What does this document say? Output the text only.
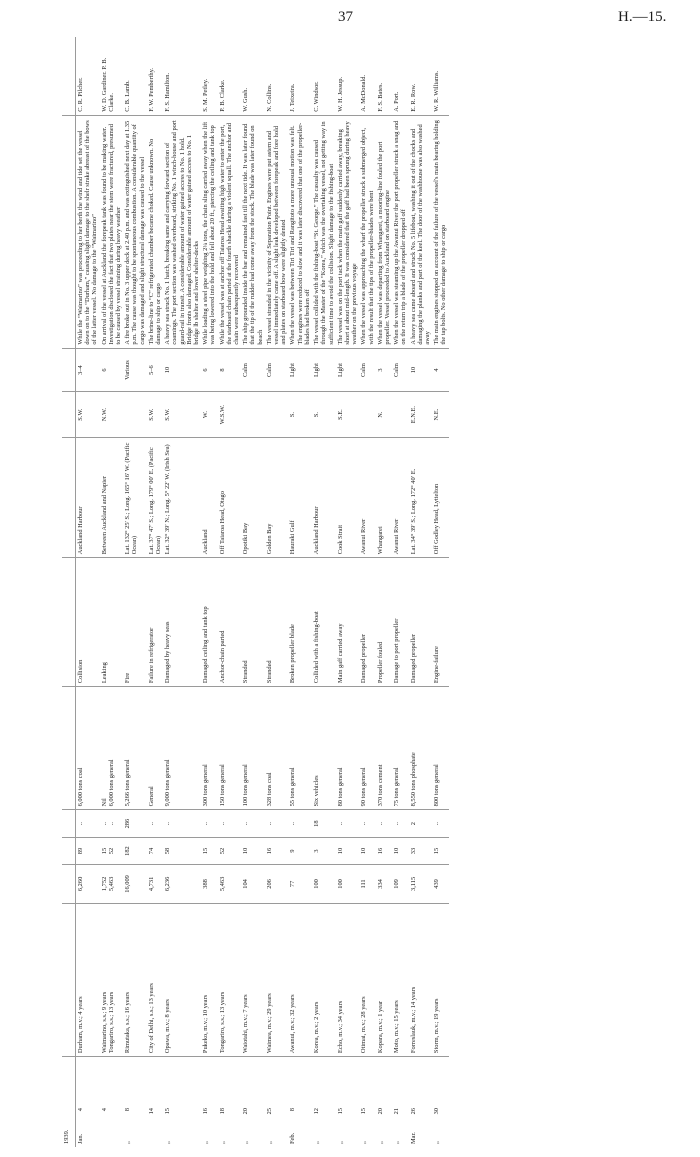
37	H.—15.
1939.											
Jan.4	Durham, m.v.; 4 years	6,260	89	..	6,000 tons coal	Collision	Auckland Harbour	S.W.	3–4	While the “Waimarino” was proceeding to her berth the wind and tide set the vessel down on to the “Durham,” causing slight damage to the shelr strake abreast of the bows of the latter vessel. No damage to the “Waimarino”	C. R. Pilcher.
4	Waimarino, s.s.; 9 years Tongariro, s.s.; 13 years	1,752 5,463	15 52	.. ..	Nil 6,000 tons general	Leaking	Between Auckland and Napier	N.W.	6	On arrival of the vessel at Auckland the forepeak tank was found to be making water. Investigation disclosed the fact that two plates near the stem were fractured, presumed to be caused by vessel straining during heavy weather	W. D. Gardiner. P. B. Clarke.
„8	Rimutaka, s.s.; 16 years	16,009	182	286	5,266 tons general	Fire	Lat. 132° 25′ S.; Long. 165° 16′ W. (Pacific Ocean)		Various	A fire broke out in No. 3 upper deck at 2.40 p.m. and was extinguished next day at 1.35 p.m. The cause was thought to be spontaneous combustion. A considerable quantity of cargo was damaged and slight structural damage was caused to the vessel	C. B. Lamb.
14	City of Delhi, s.s.; 13 years	4,731	74	..	General	Failure in refrigerator	Lat. 37° 47′ S.; Long. 179° 00′ E. (Pacific Ocean)	S.W.	5–6	The brine-line to “C” refrigerated chamber became choked. Cause unknown. No damage to ship or cargo	F. W. Pemberthy.
„15	Opawa, m.v.; 8 years	6,236	58	..	9,000 tons general	Damaged by heavy seas	Lat. 32° 39′ N.; Long. 5° 22′ W. (Irish Sea)	S.W.	10	A heavy sea struck No. 1 hatch, breaking same and carrying forward section of coamings. The port section was washed overboard, striking No. 1 winch-house and port guard-rail in transit. A considerable amount of water gained access to No. 1 hold. Bridge fronts also damaged. Considerable amount of water gained access to No. 1 bridge lb shelter and lower shelter-decks	F. S. Hamilton.
„16	Pukeko, m.v.; 10 years	388	15	..	300 tons general	Damaged ceiling and tank top	Auckland	W.	6	While loading a steel pipe weighing 2¼ tons, the chain sling carried away when the lift was being lowered into the hold and fell about 20 ft., piercing the ceiling and tank top	S. M. Petley.
„18	Tongariro, s.s.; 13 years	5,463	52	..	150 tons general	Anchor-chain parted	Off Taiaroa Head, Otago	W.S.W.	8	While the vessel was at anchor off Taiaroa Head awaiting high water to enter the port, the starboard chain parted at the fourth shackle during a violent squall. The anchor and chain were subsequently recovered	P. B. Clarke.
„20	Waiotahi, m.v.; 7 years	104	10	..	100 tons general	Stranded	Opotiki Bay		Calm	The ship grounded inside the bar and remained fast till the next tide. It was later found that the tip of the rudder had come away from the stock. The blade was later found on beach	W. Gush.
„25	Waimea, m.v.; 29 years	206	16	..	328 tons coal	Stranded	Golden Bay		Calm	The vessel stranded in the vicinity of Separation Point. Engines were put astern and vessel immediately came off. A slight leak developed between forepeak and fore hold and plates on starboard bow were slightly dented	N. Collins.
Feb.8	Awanui, m.v.; 32 years	77	9	..	55 tons general	Broken propeller blade	Hauraki Gulf	S.	Light	When the vessel was between Tiri Tiri and Rangitoto a more unusual motion was felt. The engines were reduced to slow and it was later discovered that one of the propeller-blades had broken off	J. Teixeira.
„12	Korea, m.v.; 2 years	100	3	18	Six vehicles	Collided with a fishing-boat	Auckland Harbour	S.	Light	The vessel collided with the fishing-boat “St. George.” The casualty was caused through the Master of the “Korea,” which was the overtaking vessel, not getting way in sufficient time to avoid the collision. Slight damage to the fishing-boat	C. Windsor.
„15	Echo, m.v.; 34 years	100	10	..	80 tons general	Main gaff carried away	Cook Strait	S.E.	Light	The vessel was on the port tack when the main gaff suddenly carried away, breaking short at about mid-length. It was considered that the gaff had been sprung during heavy weather on the previous voyage	W. H. Jessup.
„15	Otimai, m.v.; 28 years	111	10	..	90 tons general	Damaged propeller	Awanui River		Calm	When the vessel was approaching the wharf the propeller struck a submerged object, with the result that the tips of the propeller-blades were bent	A. McDonald.
„20	Kopara, m.v.; 1 year	334	16	..	370 tons cement	Propeller fouled	Whangarei	N.	3	When the vessel was departing from Whangarei, a mooring-line fouled the port propeller. Vessel proceeded to Auckland on starboard engine	F. S. Bates.
„21	Moto, m.v.; 15 years	109	10	..	75 tons general	Damage to port propeller	Awanui River		Calm	When the vessel was steaming up the Awanui River the port propeller struck a snag and on the return trip a blade of the propeller dropped off	A. Port.
Mar.26	Forreslauk, m.v.; 14 years	3,115	33	2	8,550 tons phosphate	Damaged propeller	Lat. 34° 39′ S.; Long. 172° 40′ E.	E.N.E.	10	A heavy sea came aboard and struck No. 5 lifeboat, washing it out of the chocks and damaging the planks and part of the keel. The door of the washhouse was also washed away	E. R. Row.
„30	Storm, m.v.; 19 years	439	15	..	800 tons general	Engine-failure	Off Godley Head, Lyttelton	N.E.	4	The main engines stopped on account of the failure of the vessel's main bearing holding the tap bolts. No other damage to ship or cargo	W. R. Williams.
